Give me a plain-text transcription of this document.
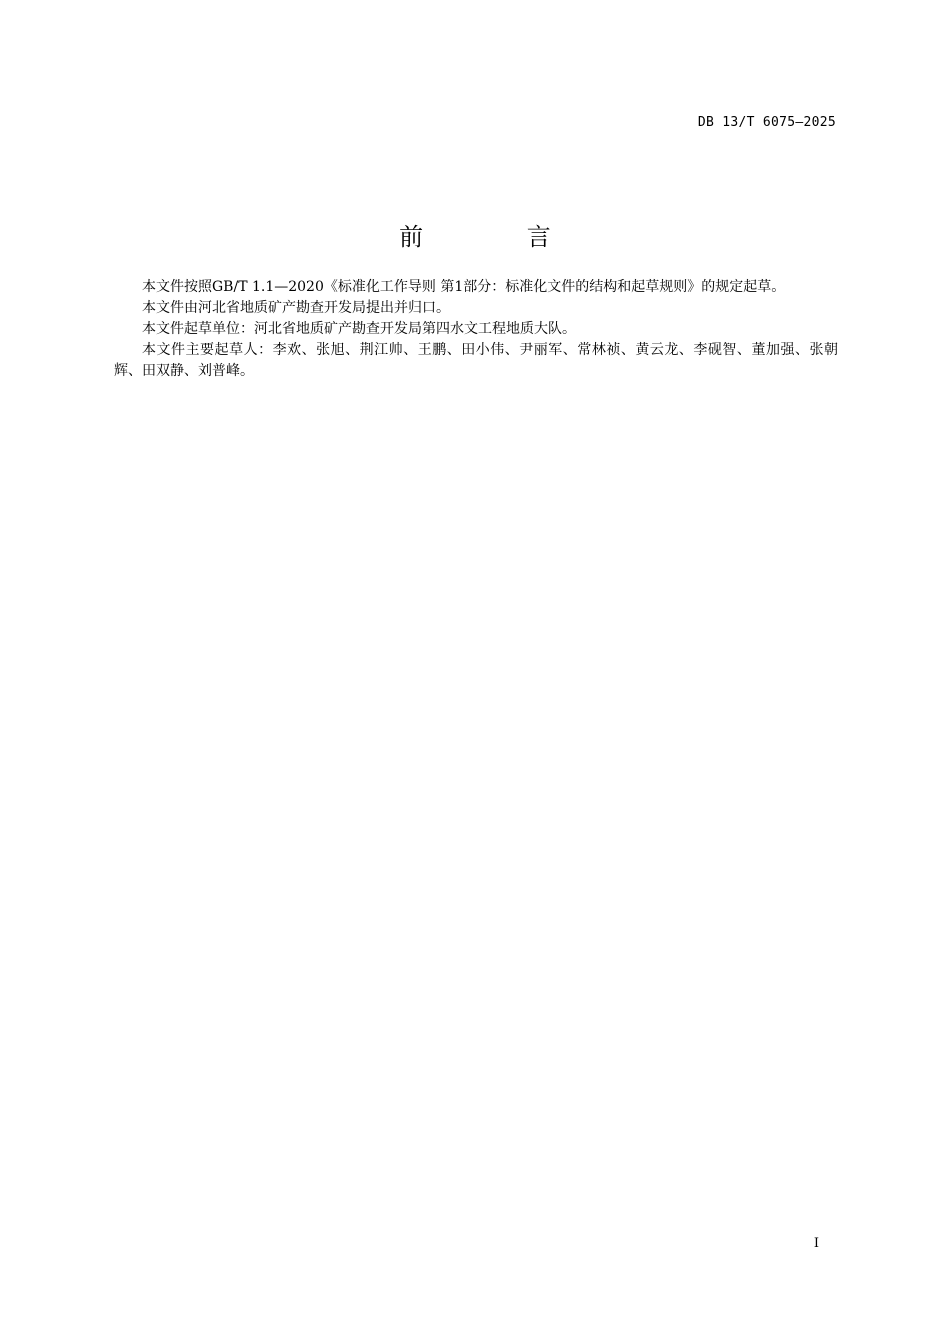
DB 13/T 6075—2025
前 言

本文件按照GB/T 1.1—2020《标准化工作导则 第1部分：标准化文件的结构和起草规则》的规定起草。

本文件由河北省地质矿产勘查开发局提出并归口。

本文件起草单位：河北省地质矿产勘查开发局第四水文工程地质大队。

本文件主要起草人：李欢、张旭、荆江帅、王鹏、田小伟、尹丽军、常林祯、黄云龙、李砚智、董加强、张朝辉、田双静、刘普峰。

I
